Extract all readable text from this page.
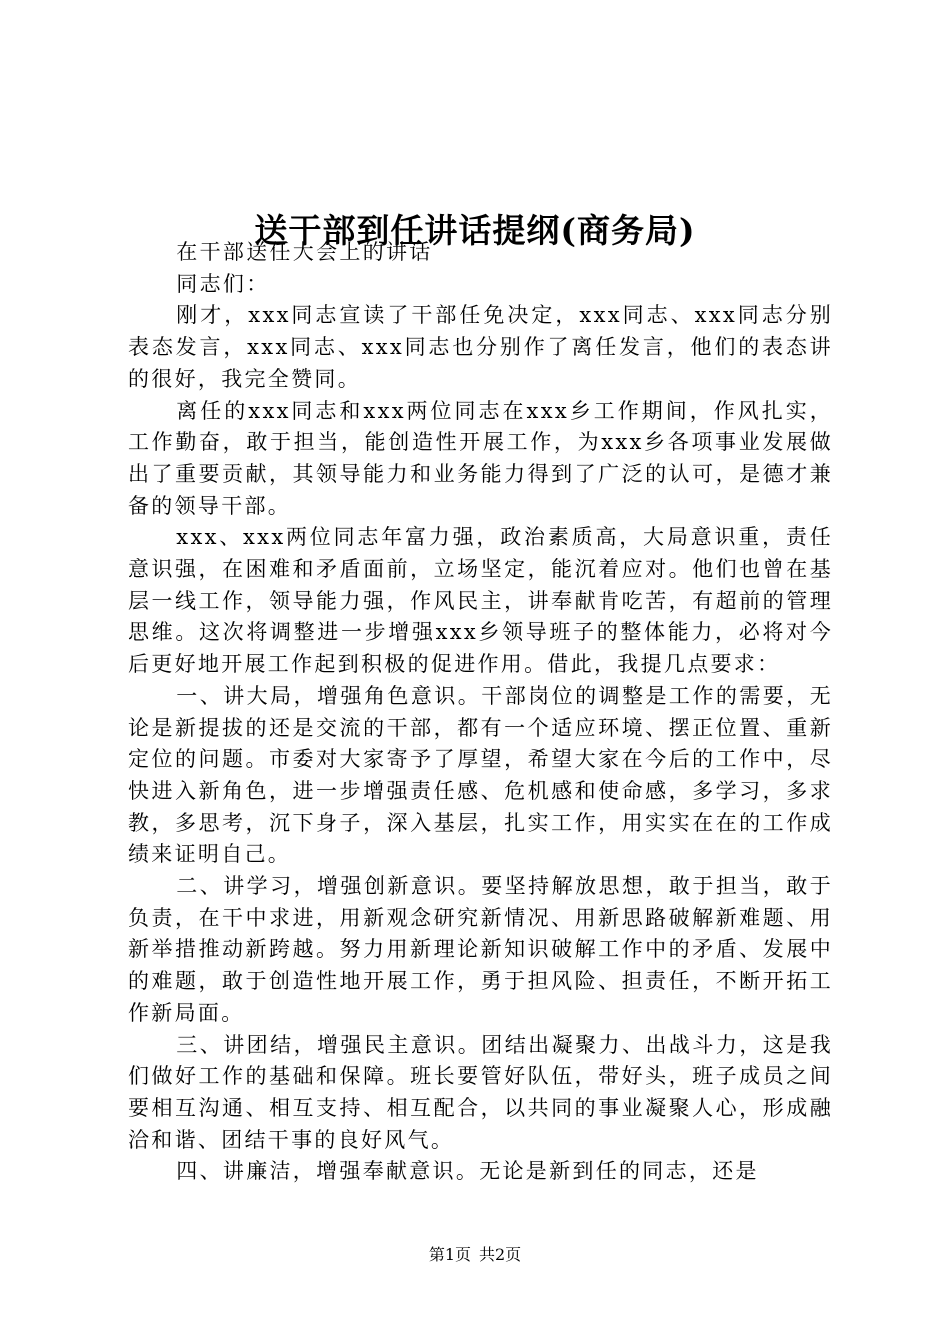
送干部到任讲话提纲(商务局)

在干部送任大会上的讲话

同志们：

刚才，xxx同志宣读了干部任免决定，xxx同志、xxx同志分别表态发言，xxx同志、xxx同志也分别作了离任发言，他们的表态讲的很好，我完全赞同。

离任的xxx同志和xxx两位同志在xxx乡工作期间，作风扎实，工作勤奋，敢于担当，能创造性开展工作，为xxx乡各项事业发展做出了重要贡献，其领导能力和业务能力得到了广泛的认可，是德才兼备的领导干部。

xxx、xxx两位同志年富力强，政治素质高，大局意识重，责任意识强，在困难和矛盾面前，立场坚定，能沉着应对。他们也曾在基层一线工作，领导能力强，作风民主，讲奉献肯吃苦，有超前的管理思维。这次将调整进一步增强xxx乡领导班子的整体能力，必将对今后更好地开展工作起到积极的促进作用。借此，我提几点要求：

一、讲大局，增强角色意识。干部岗位的调整是工作的需要，无论是新提拔的还是交流的干部，都有一个适应环境、摆正位置、重新定位的问题。市委对大家寄予了厚望，希望大家在今后的工作中，尽快进入新角色，进一步增强责任感、危机感和使命感，多学习，多求教，多思考，沉下身子，深入基层，扎实工作，用实实在在的工作成绩来证明自己。

二、讲学习，增强创新意识。要坚持解放思想，敢于担当，敢于负责，在干中求进，用新观念研究新情况、用新思路破解新难题、用新举措推动新跨越。努力用新理论新知识破解工作中的矛盾、发展中的难题，敢于创造性地开展工作，勇于担风险、担责任，不断开拓工作新局面。

三、讲团结，增强民主意识。团结出凝聚力、出战斗力，这是我们做好工作的基础和保障。班长要管好队伍，带好头，班子成员之间要相互沟通、相互支持、相互配合，以共同的事业凝聚人心，形成融洽和谐、团结干事的良好风气。

四、讲廉洁，增强奉献意识。无论是新到任的同志，还是

第1页 共2页
